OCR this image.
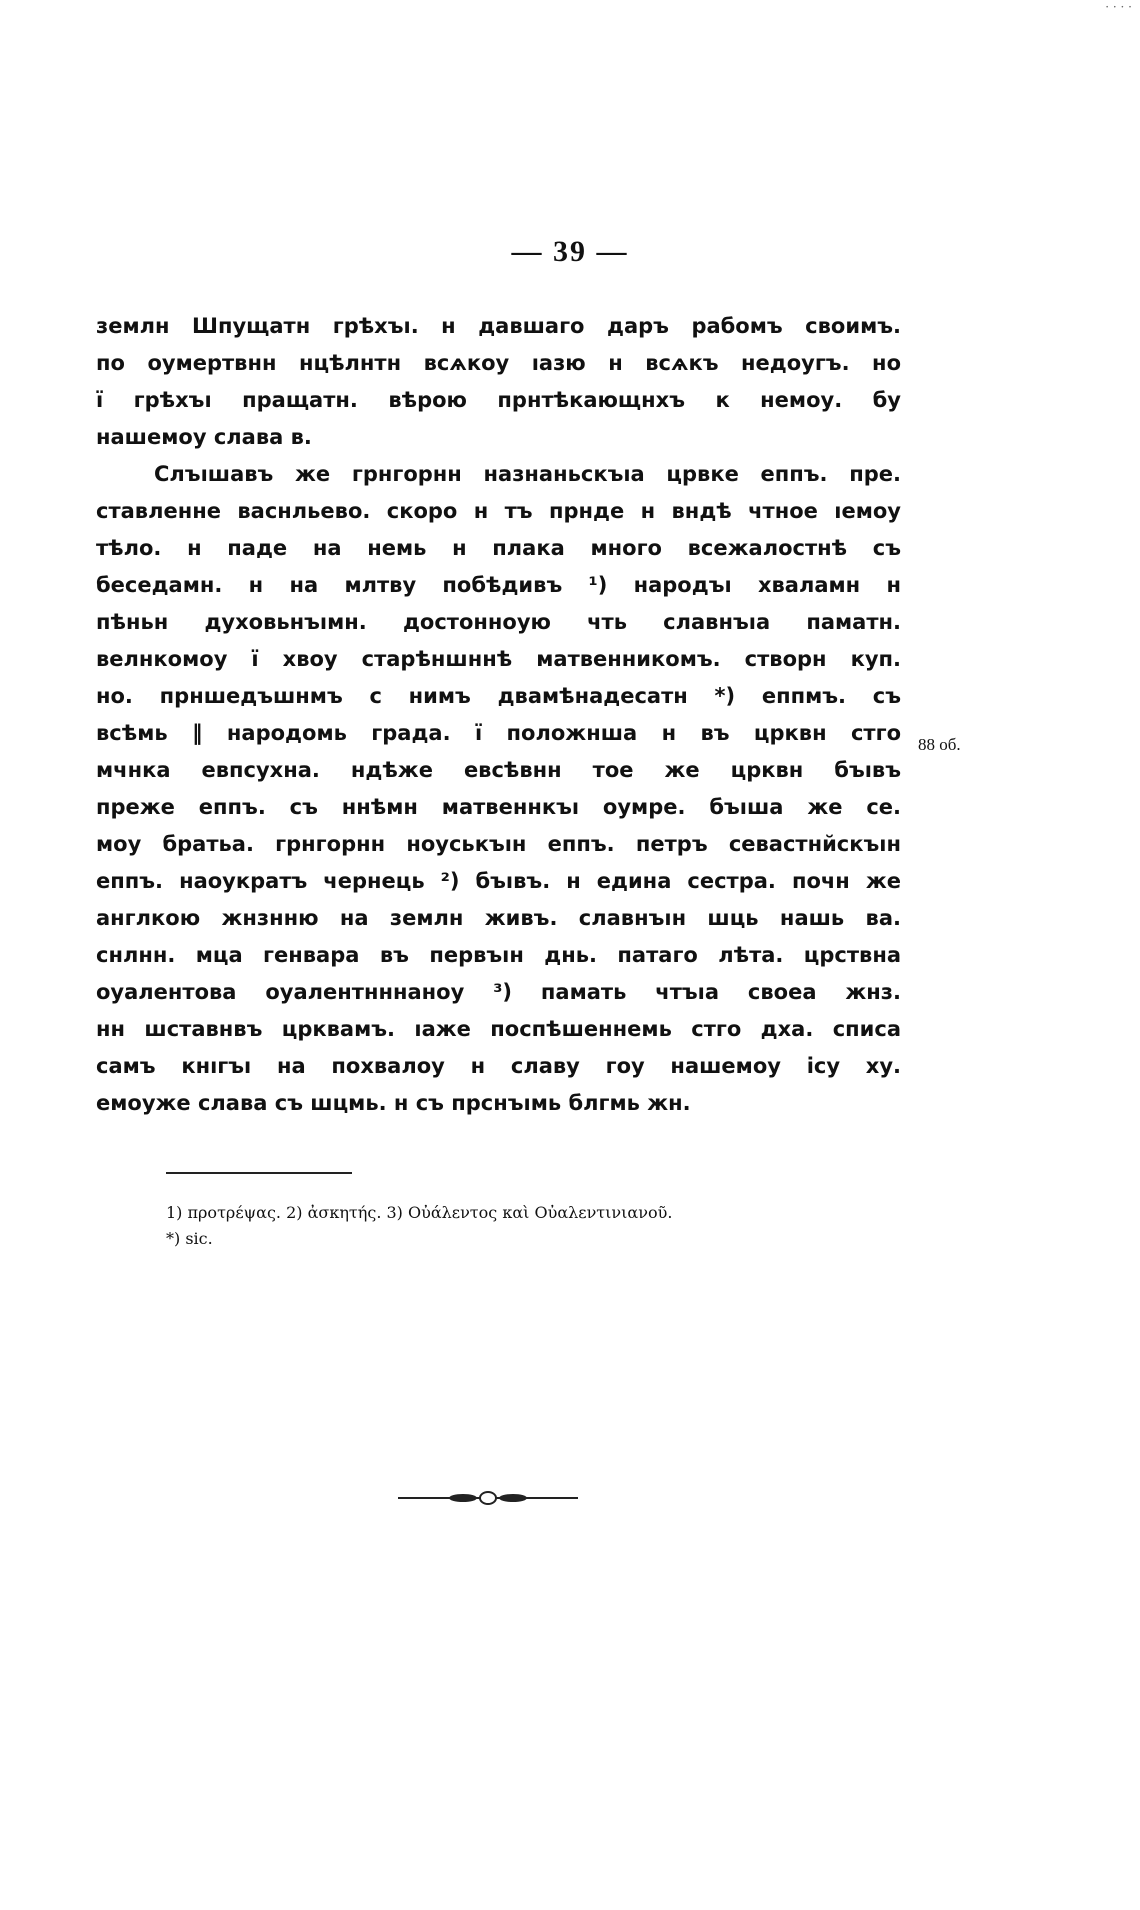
· · · ·
— 39 —
землн Шпущатн грѣхъı. н давшаго даръ рабомъ своимъ.
по оумертвнн нцѣлнтн всѧкоу ıазю н всѧкъ недоугъ. но
ї грѣхъı пращатн. вѣрою прнтѣкающнхъ к немоу. бу
нашемоу слава в.
Слъıшавъ же грнгорнн назнаньскъıа црвке еппъ. пре.
ставленне васнльево. скоро н тъ прнде н вндѣ чтное ıемоу
тѣло. н паде на немь н плака много всежалостнѣ съ
беседамн. н на млтву побѣдивъ ¹) народъı хваламн н
пѣньн духовьнъıмн. достонноую чть славнъıа паматн.
велнкомоу ї хвоу старѣншннѣ матвенникомъ. створн куп.
но. прншедъшнмъ с нимъ двамѣнадесатн *) еппмъ. съ
всѣмь ‖ народомь града. ї положнша н въ црквн стго
мчнка евпсухна. ндѣже евсѣвнн тое же црквн бъıвъ
преже еппъ. съ ннѣмн матвеннкъı оумре. бъıша же се.
моу братьа. грнгорнн ноуськъıн еппъ. петръ севастнйскъıн
еппъ. наоукратъ чернець ²) бъıвъ. н едина сестра. почн же
англкою жнзнню на землн живъ. славнъıн шць нашь ва.
снлнн. мца генвара въ первъıн днь. патаго лѣта. црствна
оуалентова оуалентнннаноу ³) памать чтъıа своеа жнз.
нн шставнвъ црквамъ. ıаже поспѣшеннемь стго дха. списа
самъ кнıгъı на похвалоу н славу гоу нашемоу ісу ху.
емоуже слава съ шцмь. н съ прснъıмь блгмь жн.
88 об.
1) προτρέψας. 2) ἀσκητής. 3) Οὐάλεντος καὶ Οὐαλεντινιανοῦ.
*) sic.
